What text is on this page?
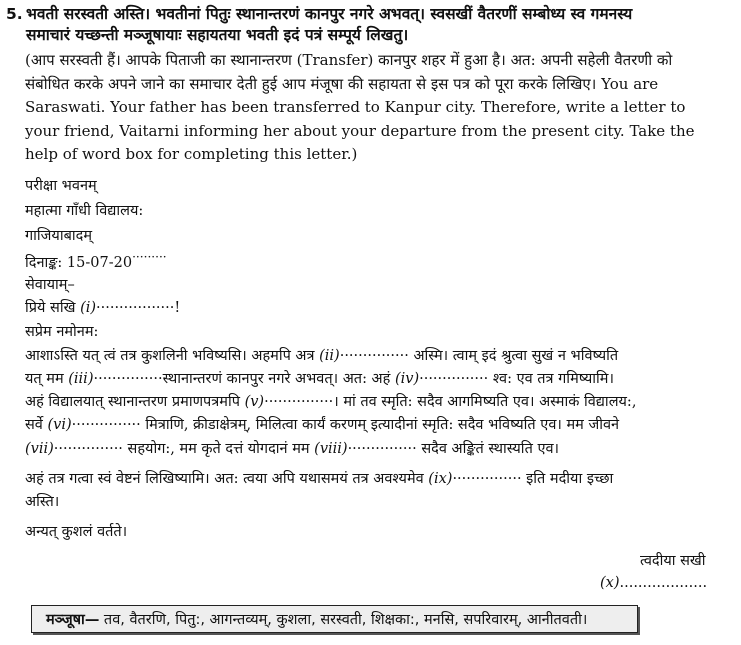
5. भवती सरस्वती अस्ति। भवतीनां पितुः स्थानान्तरणं कानपुर नगरे अभवत्। स्वसखीं वैतरणीं सम्बोध्य स्व गमनस्य
समाचारं यच्छन्ती मञ्जूषायाः सहायतया भवती इदं पत्रं सम्पूर्य लिखतु।
(आप सरस्वती हैं। आपके पिताजी का स्थानान्तरण (Transfer) कानपुर शहर में हुआ है। अत: अपनी सहेली वैतरणी को
संबोधित करके अपने जाने का समाचार देती हुई आप मंजूषा की सहायता से इस पत्र को पूरा करके लिखिए। You are
Saraswati. Your father has been transferred to Kanpur city. Therefore, write a letter to
your friend, Vaitarni informing her about your departure from the present city. Take the
help of word box for completing this letter.)
परीक्षा भवनम्
महात्मा गाँधी विद्यालय:
गाजियाबादम्
दिनाङ्क: 15-07-20·········
सेवायाम्–
प्रिये सखि (i)·················!
सप्रेम नमोनम:
आशाऽस्ति यत् त्वं तत्र कुशलिनी भविष्यसि। अहमपि अत्र (ii)··············· अस्मि। त्वाम् इदं श्रुत्वा सुखं न भविष्यति
यत् मम (iii)···············स्थानान्तरणं कानपुर नगरे अभवत्। अत: अहं (iv)··············· श्व: एव तत्र गमिष्यामि।
अहं विद्यालयात् स्थानान्तरण प्रमाणपत्रमपि (v)···············। मां तव स्मृति: सदैव आगमिष्यति एव। अस्माकं विद्यालय:,
सर्वे (vi)··············· मित्राणि, क्रीडाक्षेत्रम्, मिलित्वा कार्यं करणम् इत्यादीनां स्मृति: सदैव भविष्यति एव। मम जीवने
(vii)··············· सहयोग:, मम कृते दत्तं योगदानं मम (viii)··············· सदैव अङ्कितं स्थास्यति एव।
अहं तत्र गत्वा स्वं वेष्टनं लिखिष्यामि। अत: त्वया अपि यथासमयं तत्र अवश्यमेव (ix)··············· इति मदीया इच्छा
अस्ति।
अन्यत् कुशलं वर्तते।
त्वदीया सखी
(x)...................
मञ्जूषा— तव, वैतरणि, पितु:, आगन्तव्यम्, कुशला, सरस्वती, शिक्षका:, मनसि, सपरिवारम्, आनीतवती।
